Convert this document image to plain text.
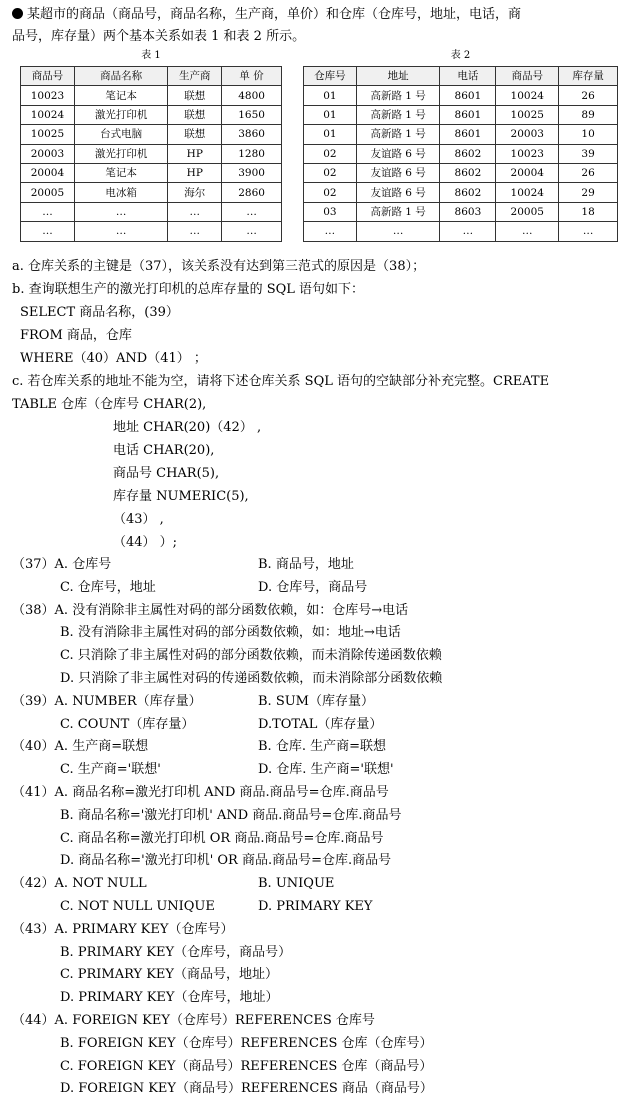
某超市的商品（商品号，商品名称，生产商，单价）和仓库（仓库号，地址，电话，商
品号，库存量）两个基本关系如表 1 和表 2 所示。
表 1	表 2
商品号	商品名称	生产商	单 价
10023	笔记本	联想	4800
10024	激光打印机	联想	1650
10025	台式电脑	联想	3860
20003	激光打印机	HP	1280
20004	笔记本	HP	3900
20005	电冰箱	海尔	2860
…	…	…	…
…	…	…	…
仓库号	地址	电话	商品号	库存量
01	高新路 1 号	8601	10024	26
01	高新路 1 号	8601	10025	89
01	高新路 1 号	8601	20003	10
02	友谊路 6 号	8602	10023	39
02	友谊路 6 号	8602	20004	26
02	友谊路 6 号	8602	10024	29
03	高新路 1 号	8603	20005	18
…	…	…	…	…
a. 仓库关系的主键是（37），该关系没有达到第三范式的原因是（38）；
b. 查询联想生产的激光打印机的总库存量的 SQL 语句如下：
SELECT 商品名称，(39）
FROM 商品，仓库
WHERE（40）AND（41） ；
c. 若仓库关系的地址不能为空，请将下述仓库关系 SQL 语句的空缺部分补充完整。CREATE
TABLE 仓库（仓库号 CHAR(2),
地址 CHAR(20)（42） ,
电话 CHAR(20),
商品号 CHAR(5),
库存量 NUMERIC(5),
（43） ,
（44） ）;
（37）A. 仓库号	B. 商品号，地址
C. 仓库号，地址	D. 仓库号，商品号
（38）A. 没有消除非主属性对码的部分函数依赖，如：仓库号→电话
B. 没有消除非主属性对码的部分函数依赖，如：地址→电话
C. 只消除了非主属性对码的部分函数依赖，而未消除传递函数依赖
D. 只消除了非主属性对码的传递函数依赖，而未消除部分函数依赖
（39）A. NUMBER（库存量）	B. SUM（库存量）
C. COUNT（库存量）	D.TOTAL（库存量）
（40）A. 生产商=联想	B. 仓库. 生产商=联想
C. 生产商='联想'	D. 仓库. 生产商='联想'
（41）A. 商品名称=激光打印机 AND 商品.商品号=仓库.商品号
B. 商品名称='激光打印机' AND 商品.商品号=仓库.商品号
C. 商品名称=激光打印机 OR 商品.商品号=仓库.商品号
D. 商品名称='激光打印机' OR 商品.商品号=仓库.商品号
（42）A. NOT NULL	B. UNIQUE
C. NOT NULL UNIQUE	D. PRIMARY KEY
（43）A. PRIMARY KEY（仓库号）
B. PRIMARY KEY（仓库号，商品号）
C. PRIMARY KEY（商品号，地址）
D. PRIMARY KEY（仓库号，地址）
（44）A. FOREIGN KEY（仓库号）REFERENCES 仓库号
B. FOREIGN KEY（仓库号）REFERENCES 仓库（仓库号）
C. FOREIGN KEY（商品号）REFERENCES 仓库（商品号）
D. FOREIGN KEY（商品号）REFERENCES 商品（商品号）
